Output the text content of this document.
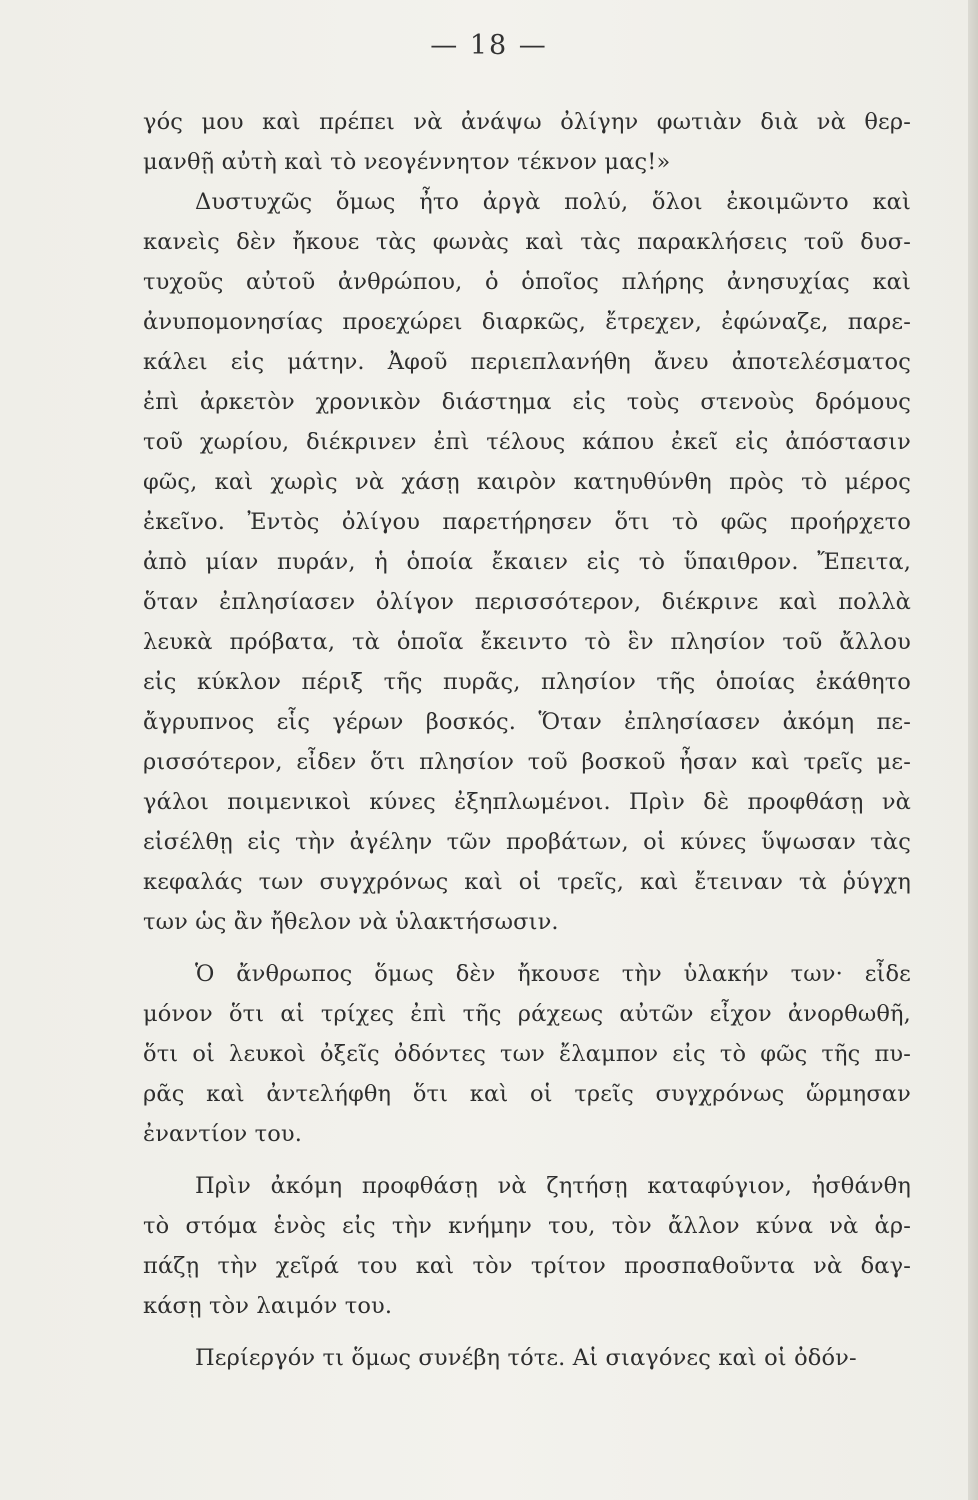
— 18 —
γός μου καὶ πρέπει νὰ ἀνάψω ὀλίγην φωτιὰν διὰ νὰ θερ-
μανθῇ αὐτὴ καὶ τὸ νεογέννητον τέκνον μας!»
Δυστυχῶς ὅμως ἦτο ἀργὰ πολύ, ὅλοι ἐκοιμῶντο καὶ
κανεὶς δὲν ἤκουε τὰς φωνὰς καὶ τὰς παρακλήσεις τοῦ δυσ-
τυχοῦς αὐτοῦ ἀνθρώπου, ὁ ὁποῖος πλήρης ἀνησυχίας καὶ
ἀνυπομονησίας προεχώρει διαρκῶς, ἔτρεχεν, ἐφώναζε, παρε-
κάλει εἰς μάτην. Ἀφοῦ περιεπλανήθη ἄνευ ἀποτελέσματος
ἐπὶ ἀρκετὸν χρονικὸν διάστημα εἰς τοὺς στενοὺς δρόμους
τοῦ χωρίου, διέκρινεν ἐπὶ τέλους κάπου ἐκεῖ εἰς ἀπόστασιν
φῶς, καὶ χωρὶς νὰ χάσῃ καιρὸν κατηυθύνθη πρὸς τὸ μέρος
ἐκεῖνο. Ἐντὸς ὀλίγου παρετήρησεν ὅτι τὸ φῶς προήρχετο
ἀπὸ μίαν πυράν, ἡ ὁποία ἔκαιεν εἰς τὸ ὕπαιθρον. Ἔπειτα,
ὅταν ἐπλησίασεν ὀλίγον περισσότερον, διέκρινε καὶ πολλὰ
λευκὰ πρόβατα, τὰ ὁποῖα ἔκειντο τὸ ἓν πλησίον τοῦ ἄλλου
εἰς κύκλον πέριξ τῆς πυρᾶς, πλησίον τῆς ὁποίας ἐκάθητο
ἄγρυπνος εἷς γέρων βοσκός. Ὅταν ἐπλησίασεν ἀκόμη πε-
ρισσότερον, εἶδεν ὅτι πλησίον τοῦ βοσκοῦ ἦσαν καὶ τρεῖς με-
γάλοι ποιμενικοὶ κύνες ἐξηπλωμένοι. Πρὶν δὲ προφθάσῃ νὰ
εἰσέλθῃ εἰς τὴν ἀγέλην τῶν προβάτων, οἱ κύνες ὕψωσαν τὰς
κεφαλάς των συγχρόνως καὶ οἱ τρεῖς, καὶ ἔτειναν τὰ ῥύγχη
των ὡς ἂν ἤθελον νὰ ὑλακτήσωσιν.
Ὁ ἄνθρωπος ὅμως δὲν ἤκουσε τὴν ὑλακήν των· εἶδε
μόνον ὅτι αἱ τρίχες ἐπὶ τῆς ράχεως αὐτῶν εἶχον ἀνορθωθῆ,
ὅτι οἱ λευκοὶ ὀξεῖς ὀδόντες των ἔλαμπον εἰς τὸ φῶς τῆς πυ-
ρᾶς καὶ ἀντελήφθη ὅτι καὶ οἱ τρεῖς συγχρόνως ὥρμησαν
ἐναντίον του.
Πρὶν ἀκόμη προφθάσῃ νὰ ζητήσῃ καταφύγιον, ἠσθάνθη
τὸ στόμα ἑνὸς εἰς τὴν κνήμην του, τὸν ἄλλον κύνα νὰ ἁρ-
πάζῃ τὴν χεῖρά του καὶ τὸν τρίτον προσπαθοῦντα νὰ δαγ-
κάσῃ τὸν λαιμόν του.
Περίεργόν τι ὅμως συνέβη τότε. Αἱ σιαγόνες καὶ οἱ ὀδόν-
